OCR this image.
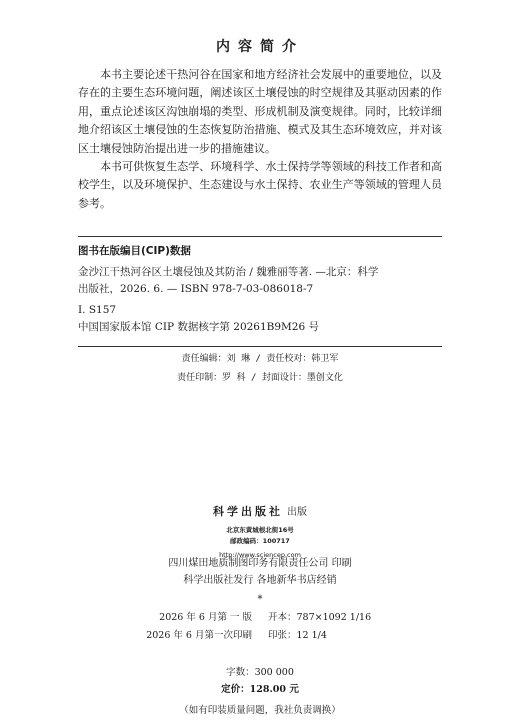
内容简介

本书主要论述干热河谷在国家和地方经济社会发展中的重要地位，以及存在的主要生态环境问题，阐述该区土壤侵蚀的时空规律及其驱动因素的作用，重点论述该区沟蚀崩塌的类型、形成机制及演变规律。同时，比较详细地介绍该区土壤侵蚀的生态恢复防治措施、模式及其生态环境效应，并对该区土壤侵蚀防治提出进一步的措施建议。

本书可供恢复生态学、环境科学、水土保持学等领域的科技工作者和高校学生，以及环境保护、生态建设与水土保持、农业生产等领域的管理人员参考。

图书在版编目(CIP)数据
金沙江干热河谷区土壤侵蚀及其防治 / 魏雅丽等著. —北京：科学
出版社，2026. 6. — ISBN 978-7-03-086018-7
Ⅰ. S157
中国国家版本馆 CIP 数据核字第 20261B9M26 号
责任编辑：刘 琳 / 责任校对：韩卫军
责任印制：罗 科 / 封面设计：墨创文化
科学出版社 出版
北京东黄城根北街16号
邮政编码：100717
http://www.sciencep.com
四川煤田地质制图印务有限责任公司 印刷
科学出版社发行 各地新华书店经销
*
2026 年 6 月第 一 版 开本：787×1092 1/16
2026 年 6 月第一次印刷 印张：12 1/4
字数：300 000
定价：128.00 元
（如有印装质量问题，我社负责调换）
